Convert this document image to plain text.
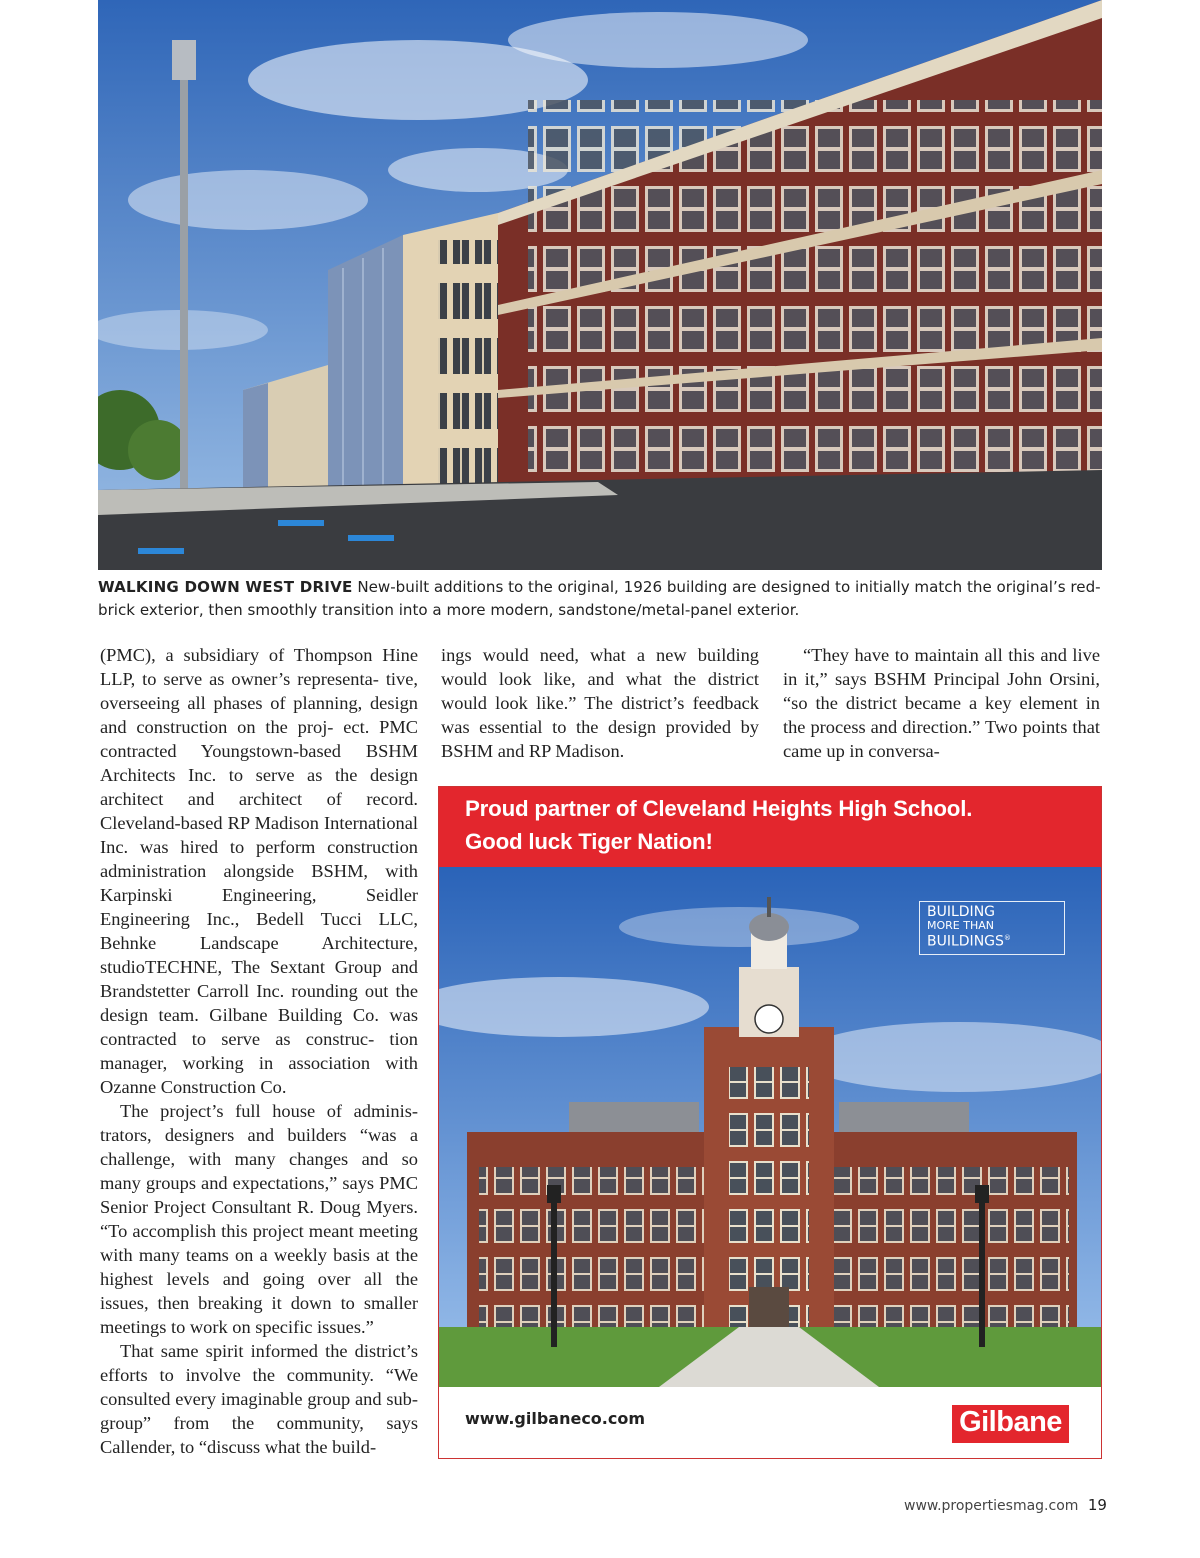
WALKING DOWN WEST DRIVE New-built additions to the original, 1926 building are designed to initially match the original’s red-brick exterior, then smoothly transition into a more modern, sandstone/metal-panel exterior.

(PMC), a subsidiary of Thompson Hine LLP, to serve as owner’s representa- tive, overseeing all phases of planning, design and construction on the proj- ect. PMC contracted Youngstown-based BSHM Architects Inc. to serve as the design architect and architect of record. Cleveland-based RP Madison International Inc. was hired to perform construction administration alongside BSHM, with Karpinski Engineering, Seidler Engineering Inc., Bedell Tucci LLC, Behnke Landscape Architecture, studioTECHNE, The Sextant Group and Brandstetter Carroll Inc. rounding out the design team. Gilbane Building Co. was contracted to serve as construc- tion manager, working in association with Ozanne Construction Co.

The project’s full house of adminis- trators, designers and builders “was a challenge, with many changes and so many groups and expectations,” says PMC Senior Project Consultant R. Doug Myers. “To accomplish this project meant meeting with many teams on a weekly basis at the highest levels and going over all the issues, then breaking it down to smaller meetings to work on specific issues.”

That same spirit informed the district’s efforts to involve the community. “We consulted every imaginable group and sub-group” from the community, says Callender, to “discuss what the build-

ings would need, what a new building would look like, and what the district would look like.” The district’s feedback was essential to the design provided by BSHM and RP Madison.

“They have to maintain all this and live in it,” says BSHM Principal John Orsini, “so the district became a key element in the process and direction.” Two points that came up in conversa-

Proud partner of Cleveland Heights High School.
Good luck Tiger Nation!
BUILDING
MORE THAN
BUILDINGS®
www.gilbaneco.com	Gilbane
www.propertiesmag.com 19
